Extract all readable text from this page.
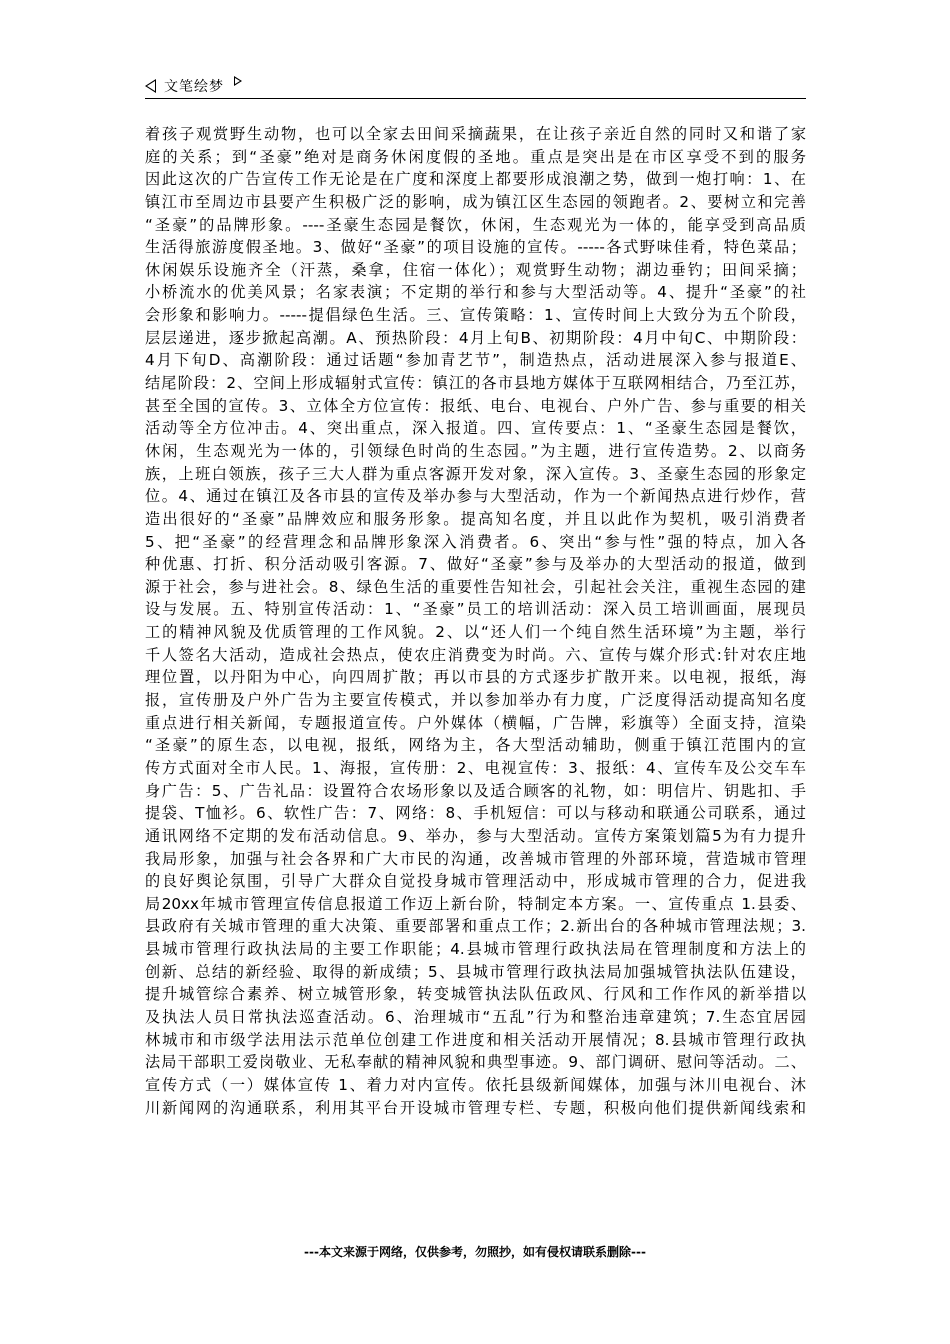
文笔绘梦
着孩子观赏野生动物，也可以全家去田间采摘蔬果，在让孩子亲近自然的同时又和谐了家
庭的关系；到“圣豪”绝对是商务休闲度假的圣地。重点是突出是在市区享受不到的服务
因此这次的广告宣传工作无论是在广度和深度上都要形成浪潮之势，做到一炮打响：1、在
镇江市至周边市县要产生积极广泛的影响，成为镇江区生态园的领跑者。2、要树立和完善
“圣豪”的品牌形象。----圣豪生态园是餐饮，休闲，生态观光为一体的，能享受到高品质
生活得旅游度假圣地。3、做好“圣豪”的项目设施的宣传。-----各式野味佳肴，特色菜品；
休闲娱乐设施齐全（汗蒸，桑拿，住宿一体化）；观赏野生动物；湖边垂钓；田间采摘；
小桥流水的优美风景；名家表演；不定期的举行和参与大型活动等。4、提升“圣豪”的社
会形象和影响力。-----提倡绿色生活。三、宣传策略：1、宣传时间上大致分为五个阶段，
层层递进，逐步掀起高潮。A、预热阶段：4月上旬B、初期阶段：4月中旬C、中期阶段：
4月下旬D、高潮阶段：通过话题“参加青艺节”，制造热点，活动进展深入参与报道E、
结尾阶段：2、空间上形成辐射式宣传：镇江的各市县地方媒体于互联网相结合，乃至江苏，
甚至全国的宣传。3、立体全方位宣传：报纸、电台、电视台、户外广告、参与重要的相关
活动等全方位冲击。4、突出重点，深入报道。四、宣传要点：1、“圣豪生态园是餐饮，
休闲，生态观光为一体的，引领绿色时尚的生态园。”为主题，进行宣传造势。2、以商务
族，上班白领族，孩子三大人群为重点客源开发对象，深入宣传。3、圣豪生态园的形象定
位。4、通过在镇江及各市县的宣传及举办参与大型活动，作为一个新闻热点进行炒作，营
造出很好的“圣豪”品牌效应和服务形象。提高知名度，并且以此作为契机，吸引消费者
5、把“圣豪”的经营理念和品牌形象深入消费者。6、突出“参与性”强的特点，加入各
种优惠、打折、积分活动吸引客源。7、做好“圣豪”参与及举办的大型活动的报道，做到
源于社会，参与进社会。8、绿色生活的重要性告知社会，引起社会关注，重视生态园的建
设与发展。五、特别宣传活动：1、“圣豪”员工的培训活动：深入员工培训画面，展现员
工的精神风貌及优质管理的工作风貌。2、以“还人们一个纯自然生活环境”为主题，举行
千人签名大活动，造成社会热点，使农庄消费变为时尚。六、宣传与媒介形式:针对农庄地
理位置，以丹阳为中心，向四周扩散；再以市县的方式逐步扩散开来。以电视，报纸，海
报，宣传册及户外广告为主要宣传模式，并以参加举办有力度，广泛度得活动提高知名度
重点进行相关新闻，专题报道宣传。户外媒体（横幅，广告牌，彩旗等）全面支持，渲染
“圣豪”的原生态，以电视，报纸，网络为主，各大型活动辅助，侧重于镇江范围内的宣
传方式面对全市人民。1、海报，宣传册：2、电视宣传：3、报纸：4、宣传车及公交车车
身广告：5、广告礼品：设置符合农场形象以及适合顾客的礼物，如：明信片、钥匙扣、手
提袋、T恤衫。6、软性广告：7、网络：8、手机短信：可以与移动和联通公司联系，通过
通讯网络不定期的发布活动信息。9、举办，参与大型活动。宣传方案策划篇5为有力提升
我局形象，加强与社会各界和广大市民的沟通，改善城市管理的外部环境，营造城市管理
的良好舆论氛围，引导广大群众自觉投身城市管理活动中，形成城市管理的合力，促进我
局20xx年城市管理宣传信息报道工作迈上新台阶，特制定本方案。一、宣传重点 1.县委、
县政府有关城市管理的重大决策、重要部署和重点工作；2.新出台的各种城市管理法规；3.
县城市管理行政执法局的主要工作职能；4.县城市管理行政执法局在管理制度和方法上的
创新、总结的新经验、取得的新成绩；5、县城市管理行政执法局加强城管执法队伍建设，
提升城管综合素养、树立城管形象，转变城管执法队伍政风、行风和工作作风的新举措以
及执法人员日常执法巡查活动。6、治理城市“五乱”行为和整治违章建筑；7.生态宜居园
林城市和市级学法用法示范单位创建工作进度和相关活动开展情况；8.县城市管理行政执
法局干部职工爱岗敬业、无私奉献的精神风貌和典型事迹。9、部门调研、慰问等活动。二、
宣传方式（一）媒体宣传 1、着力对内宣传。依托县级新闻媒体，加强与沐川电视台、沐
川新闻网的沟通联系，利用其平台开设城市管理专栏、专题，积极向他们提供新闻线索和
---本文来源于网络，仅供参考，勿照抄，如有侵权请联系删除---
